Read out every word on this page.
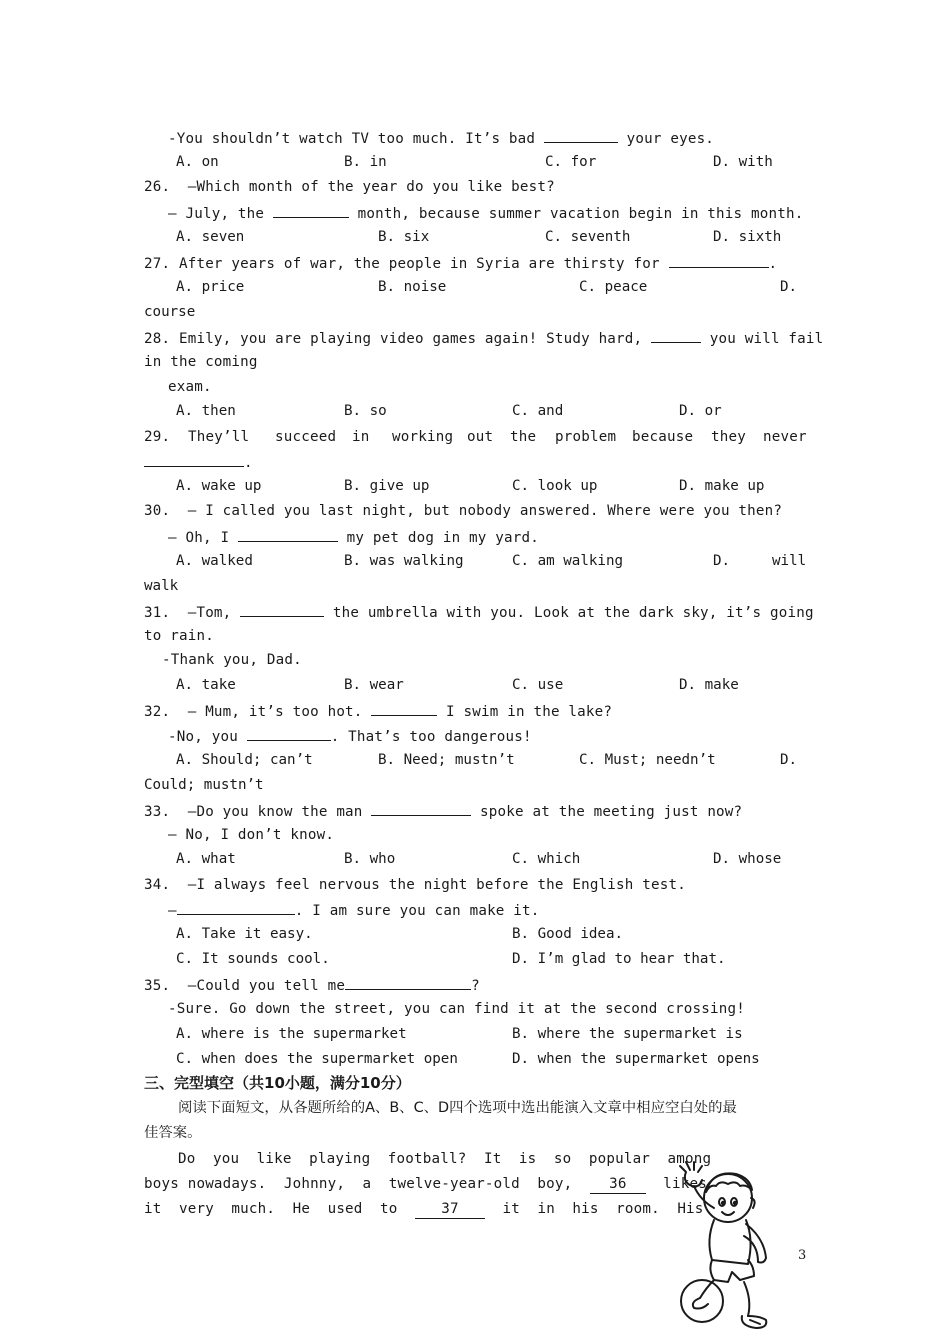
-You shouldn’t watch TV too much. It’s bad	your eyes.
A. on	B. in	C. for	D. with
26.  –Which month of the year do you like best?
– July, the	month, because summer vacation begin in this month.
A. seven	B. six	C. seventh	D. sixth
27. After years of war, the people in Syria are thirsty for	.
A. price	B. noise	C. peace	D.
course
28. Emily, you are playing video games again! Study hard,	you will fail
in the coming
exam.
A. then	B. so	C. and	D. or
29. They’ll succeed in working out the problem because they never
.
A. wake up	B. give up	C. look up	D. make up
30.  – I called you last night, but nobody answered. Where were you then?
– Oh, I	my pet dog in my yard.
A. walked	B. was walking	C. am walking	D.	will
walk
31.  –Tom,	the umbrella with you. Look at the dark sky, it’s going
to rain.
-Thank you, Dad.
A. take	B. wear	C. use	D. make
32.  – Mum, it’s too hot.	I swim in the lake?
-No, you	. That’s too dangerous!
A. Should; can’t	B. Need; mustn’t	C. Must; needn’t	D.
Could; mustn’t
33.  –Do you know the man	spoke at the meeting just now?
– No, I don’t know.
A. what	B. who	C. which	D. whose
34.  –I always feel nervous the night before the English test.
–	. I am sure you can make it.
A. Take it easy.	B. Good idea.
C. It sounds cool.	D. I’m glad to hear that.
35.  –Could you tell me	?
-Sure. Go down the street, you can find it at the second crossing!
A. where is the supermarket	B. where the supermarket is
C. when does the supermarket open	D. when the supermarket opens
三、完型填空（共10小题，满分10分）
阅读下面短文，从各题所给的A、B、C、D四个选项中选出能演入文章中相应空白处的最
佳答案。
Do  you  like  playing  football?  It  is  so  popular  among
boys nowadays.  Johnny,  a  twelve-year-old  boy,  36  likes
it  very  much.  He  used  to  37  it  in  his  room.  His
3
